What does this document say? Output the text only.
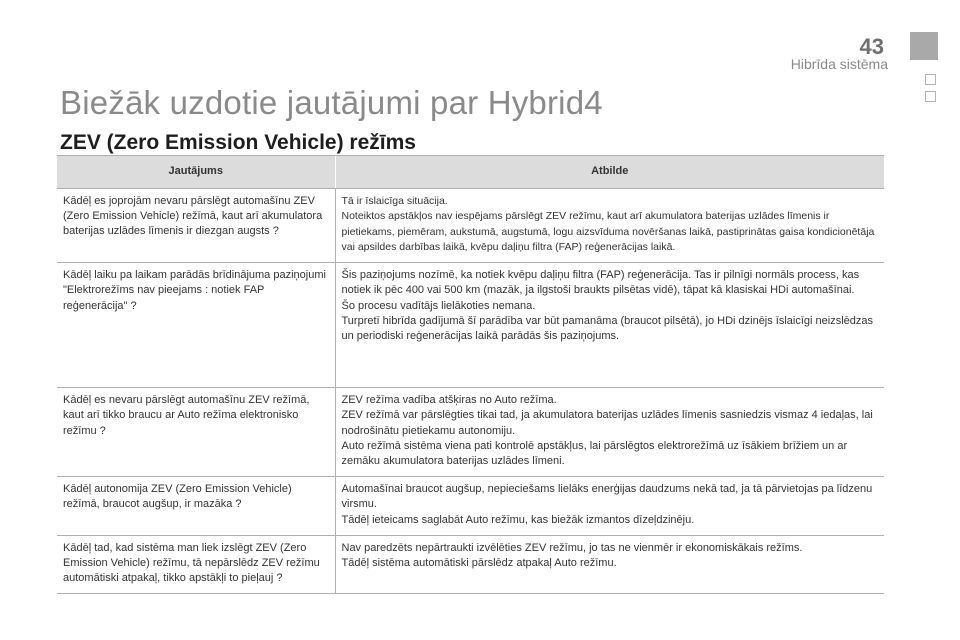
43
Hibrīda sistēma
Biežāk uzdotie jautājumi par Hybrid4
ZEV (Zero Emission Vehicle) režīms
Jautājums	Atbilde
Kādēļ es joprojām nevaru pārslēgt automašīnu ZEV (Zero Emission Vehicle) režīmā, kaut arī akumulatora baterijas uzlādes līmenis ir diezgan augsts ?	Tā ir īslaicīga situācija.
Noteiktos apstākļos nav iespējams pārslēgt ZEV režīmu, kaut arī akumulatora baterijas uzlādes līmenis ir pietiekams, piemēram, aukstumā, augstumā, logu aizsvīduma novēršanas laikā, pastiprinātas gaisa kondicionētāja vai apsildes darbības laikā, kvēpu daļiņu filtra (FAP) reģenerācijas laikā.

Kādēļ laiku pa laikam parādās brīdinājuma paziņojumi "Elektrorežīms nav pieejams : notiek FAP reģenerācija" ?	Šis paziņojums nozīmē, ka notiek kvēpu daļiņu filtra (FAP) reģenerācija. Tas ir pilnīgi normāls process, kas notiek ik pēc 400 vai 500 km (mazāk, ja ilgstoši braukts pilsētas vidē), tāpat kā klasiskai HDi automašīnai.
Šo procesu vadītājs lielākoties nemana.
Turpretī hibrīda gadījumā šī parādība var būt pamanāma (braucot pilsētā), jo HDi dzinējs īslaicīgi neizslēdzas un periodiski reģenerācijas laikā parādās šis paziņojums.

Kādēļ es nevaru pārslēgt automašīnu ZEV režīmā, kaut arī tikko braucu ar Auto režīma elektronisko režīmu ?	ZEV režīma vadība atšķiras no Auto režīma.
ZEV režīmā var pārslēgties tikai tad, ja akumulatora baterijas uzlādes līmenis sasniedzis vismaz 4 iedaļas, lai nodrošinātu pietiekamu autonomiju.
Auto režīmā sistēma viena pati kontrolē apstākļus, lai pārslēgtos elektrorežīmā uz īsākiem brīžiem un ar zemāku akumulatora baterijas uzlādes līmeni.

Kādēļ autonomija ZEV (Zero Emission Vehicle) režīmā, braucot augšup, ir mazāka ?	Automašīnai braucot augšup, nepieciešams lielāks enerģijas daudzums nekā tad, ja tā pārvietojas pa līdzenu virsmu.
Tādēļ ieteicams saglabāt Auto režīmu, kas biežāk izmantos dīzeļdzinēju.

Kādēļ tad, kad sistēma man liek izslēgt ZEV (Zero Emission Vehicle) režīmu, tā nepārslēdz ZEV režīmu automātiski atpakaļ, tikko apstākļi to pieļauj ?	Nav paredzēts nepārtraukti izvēlēties ZEV režīmu, jo tas ne vienmēr ir ekonomiskākais režīms.
Tādēļ sistēma automātiski pārslēdz atpakaļ Auto režīmu.
